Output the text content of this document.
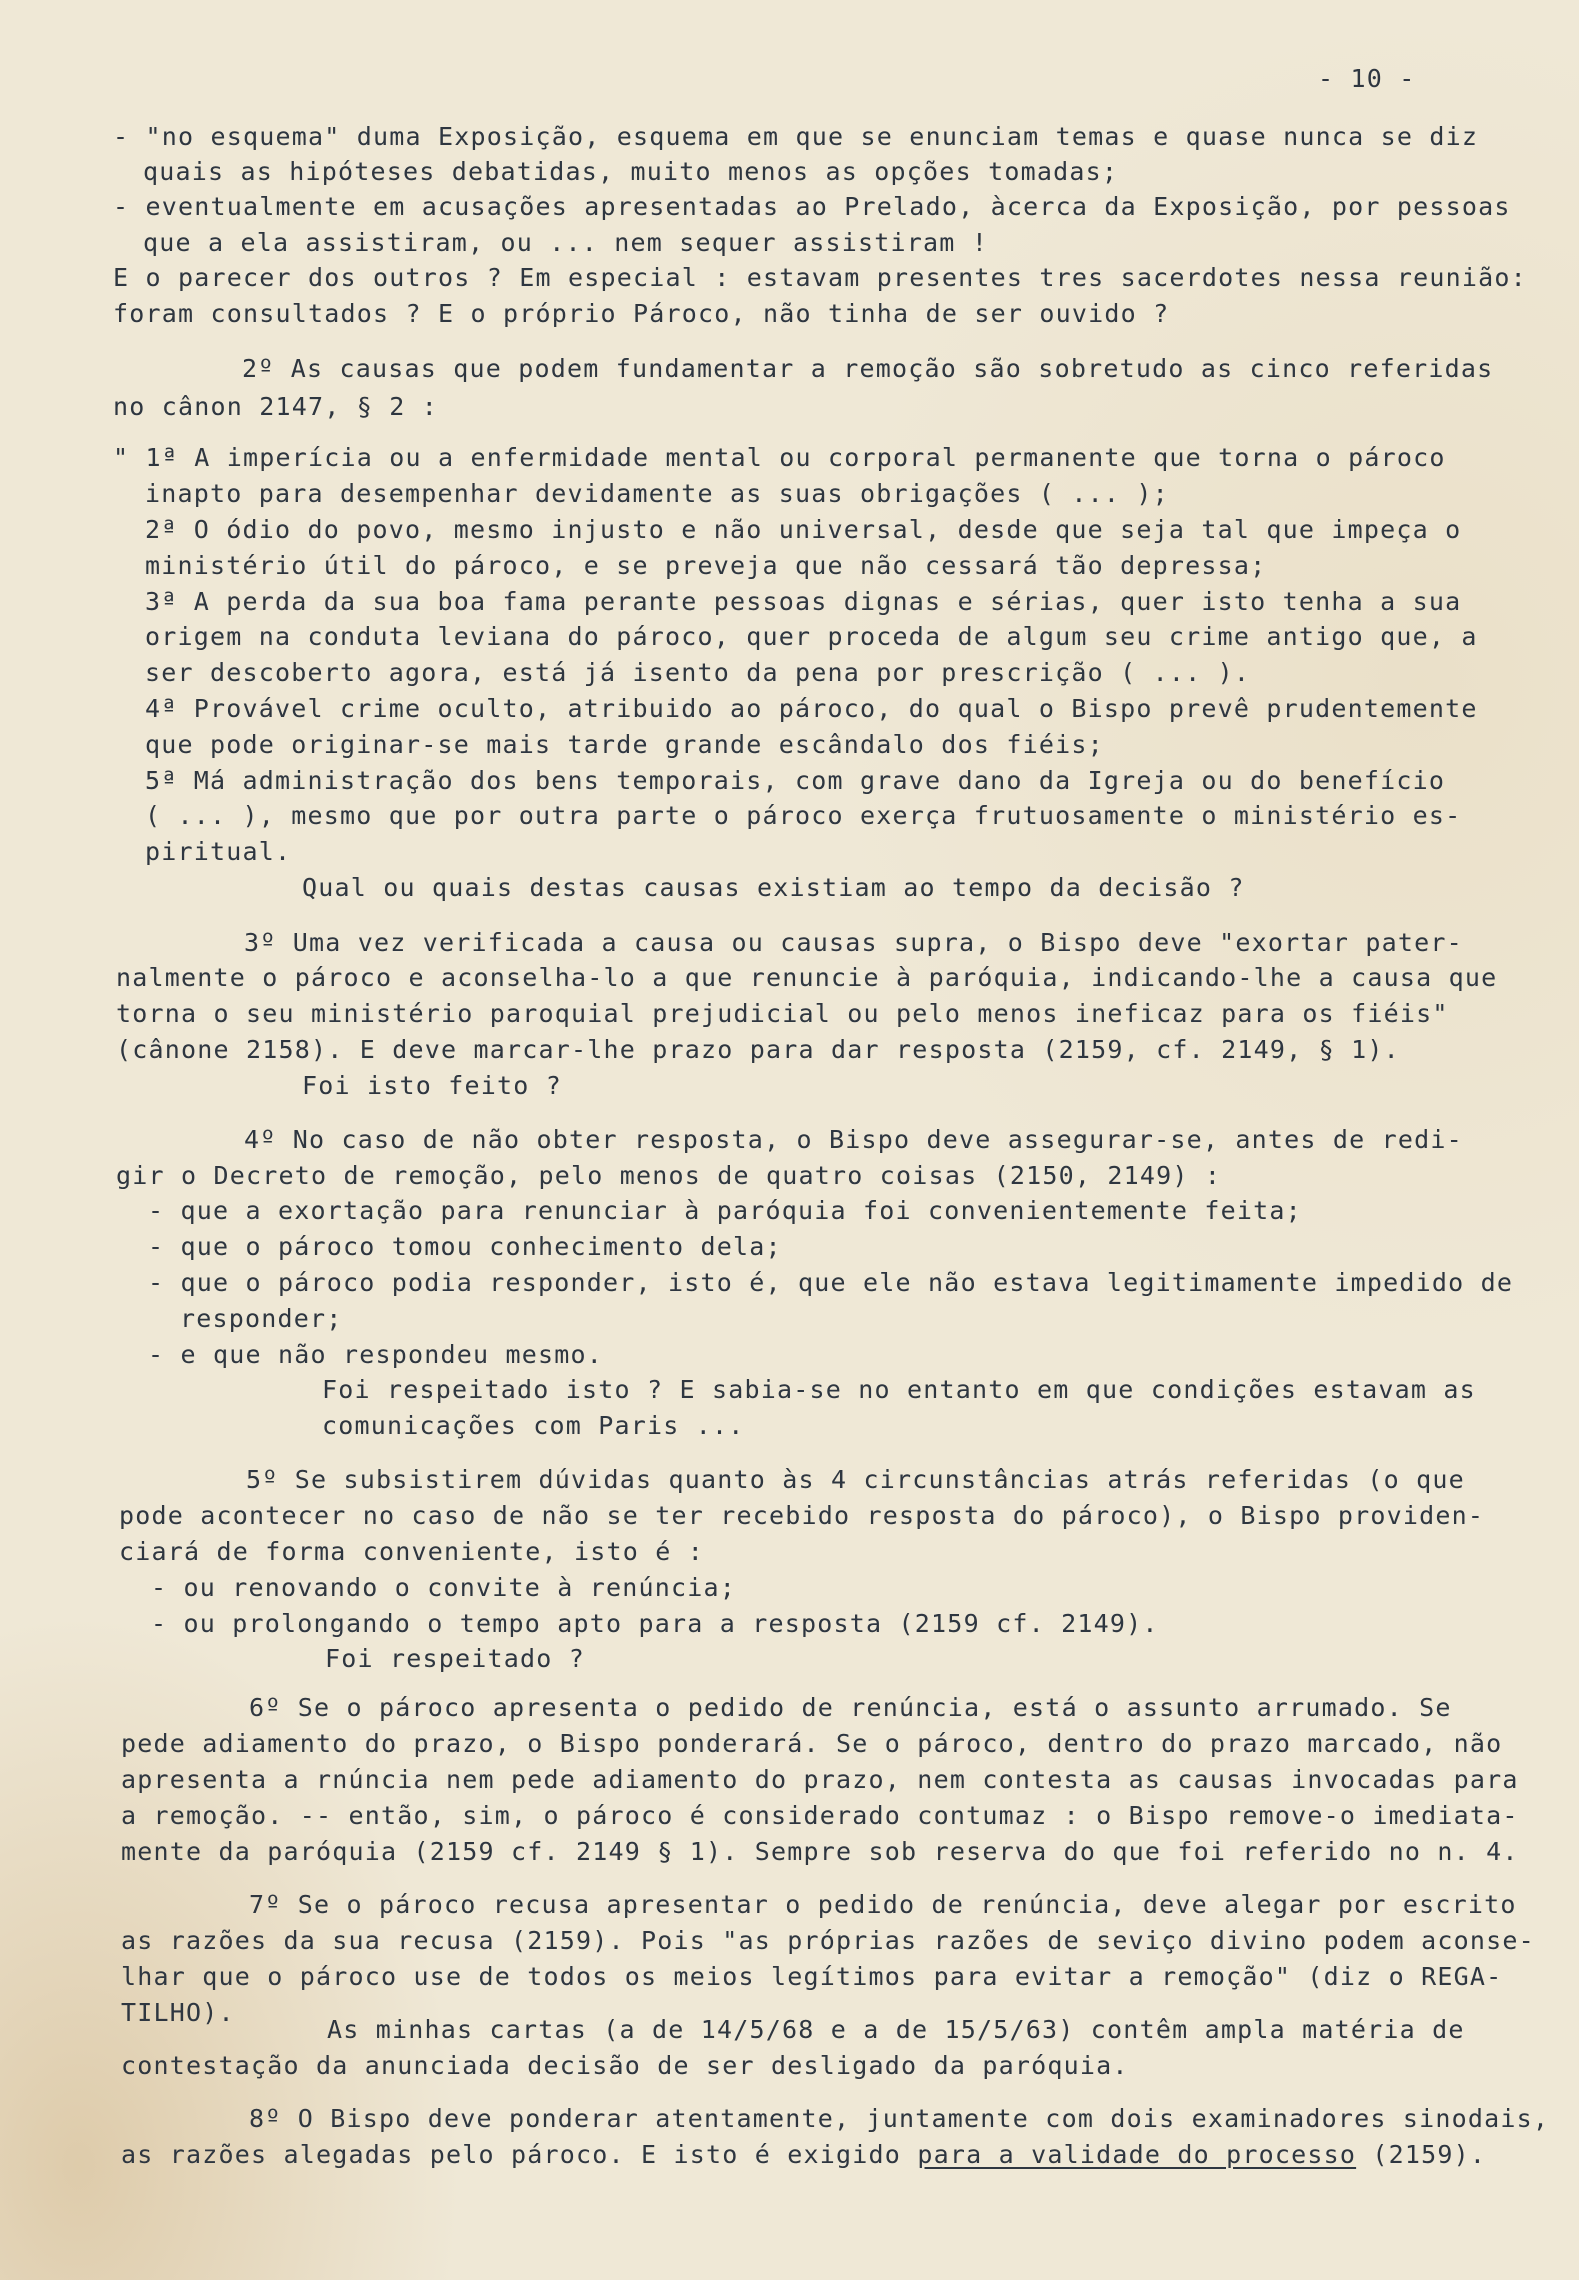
- 10 -
- "no esquema" duma Exposição, esquema em que se enunciam temas e quase nunca se diz
quais as hipóteses debatidas, muito menos as opções tomadas;
- eventualmente em acusações apresentadas ao Prelado, àcerca da Exposição, por pessoas
que a ela assistiram, ou ... nem sequer assistiram !
E o parecer dos outros ? Em especial : estavam presentes tres sacerdotes nessa reunião:
foram consultados ? E o próprio Pároco, não tinha de ser ouvido ?
2º As causas que podem fundamentar a remoção são sobretudo as cinco referidas
no cânon 2147, § 2 :
" 1ª A imperícia ou a enfermidade mental ou corporal permanente que torna o pároco
inapto para desempenhar devidamente as suas obrigações ( ... );
2ª O ódio do povo, mesmo injusto e não universal, desde que seja tal que impeça o
ministério útil do pároco, e se preveja que não cessará tão depressa;
3ª A perda da sua boa fama perante pessoas dignas e sérias, quer isto tenha a sua
origem na conduta leviana do pároco, quer proceda de algum seu crime antigo que, a
ser descoberto agora, está já isento da pena por prescrição ( ... ).
4ª Provável crime oculto, atribuido ao pároco, do qual o Bispo prevê prudentemente
que pode originar-se mais tarde grande escândalo dos fiéis;
5ª Má administração dos bens temporais, com grave dano da Igreja ou do benefício
( ... ), mesmo que por outra parte o pároco exerça frutuosamente o ministério es-
piritual.
Qual ou quais destas causas existiam ao tempo da decisão ?
3º Uma vez verificada a causa ou causas supra, o Bispo deve "exortar pater-
nalmente o pároco e aconselha-lo a que renuncie à paróquia, indicando-lhe a causa que
torna o seu ministério paroquial prejudicial ou pelo menos ineficaz para os fiéis"
(cânone 2158). E deve marcar-lhe prazo para dar resposta (2159, cf. 2149, § 1).
Foi isto feito ?
4º No caso de não obter resposta, o Bispo deve assegurar-se, antes de redi-
gir o Decreto de remoção, pelo menos de quatro coisas (2150, 2149) :
- que a exortação para renunciar à paróquia foi convenientemente feita;
- que o pároco tomou conhecimento dela;
- que o pároco podia responder, isto é, que ele não estava legitimamente impedido de
responder;
- e que não respondeu mesmo.
Foi respeitado isto ? E sabia-se no entanto em que condições estavam as
comunicações com Paris ...
5º Se subsistirem dúvidas quanto às 4 circunstâncias atrás referidas (o que
pode acontecer no caso de não se ter recebido resposta do pároco), o Bispo providen-
ciará de forma conveniente, isto é :
- ou renovando o convite à renúncia;
- ou prolongando o tempo apto para a resposta (2159 cf. 2149).
Foi respeitado ?
6º Se o pároco apresenta o pedido de renúncia, está o assunto arrumado. Se
pede adiamento do prazo, o Bispo ponderará. Se o pároco, dentro do prazo marcado, não
apresenta a rnúncia nem pede adiamento do prazo, nem contesta as causas invocadas para
a remoção. -- então, sim, o pároco é considerado contumaz : o Bispo remove-o imediata-
mente da paróquia (2159 cf. 2149 § 1). Sempre sob reserva do que foi referido no n. 4.
7º Se o pároco recusa apresentar o pedido de renúncia, deve alegar por escrito
as razões da sua recusa (2159). Pois "as próprias razões de seviço divino podem aconse-
lhar que o pároco use de todos os meios legítimos para evitar a remoção" (diz o REGA-
TILHO).
As minhas cartas (a de 14/5/68 e a de 15/5/63) contêm ampla matéria de
contestação da anunciada decisão de ser desligado da paróquia.
8º O Bispo deve ponderar atentamente, juntamente com dois examinadores sinodais,
as razões alegadas pelo pároco. E isto é exigido para a validade do processo (2159).
